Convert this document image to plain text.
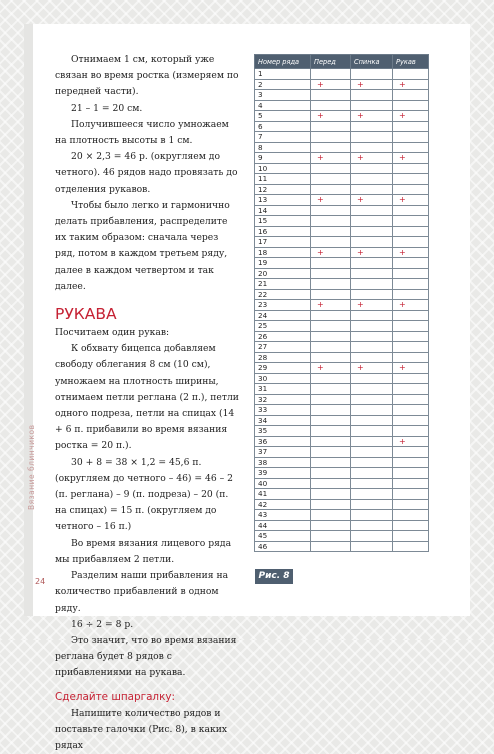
Вязание блинчиков
24

Отнимаем 1 см, который уже связан во время ростка (измеряем по передней части).

21 – 1 = 20 см.

Получившееся число умножаем на плотность высоты в 1 см.

20 × 2,3 = 46 р. (округляем до четного). 46 рядов надо провязать до отделения рукавов.

Чтобы было легко и гармонично делать прибавления, распределите их таким образом: сначала через ряд, потом в каждом третьем ряду, далее в каждом четвертом и так далее.

РУКАВА

Посчитаем один рукав:

К обхвату бицепса добавляем свободу облегания 8 см (10 см), умножаем на плотность ширины, отнимаем петли реглана (2 п.), петли одного подреза, петли на спицах (14 + 6 п. прибавили во время вязания ростка = 20 п.).

30 + 8 = 38 × 1,2 = 45,6 п. (округляем до четного – 46) = 46 – 2 (п. реглана) – 9 (п. подреза) – 20 (п. на спицах) = 15 п. (округляем до четного – 16 п.)

Во время вязания лицевого ряда мы прибавляем 2 петли.

Разделим наши прибавления на количество прибавлений в одном ряду.

16 ÷ 2 = 8 р.

Это значит, что во время вязания реглана будет 8 рядов с прибавлениями на рукава.

Сделайте шпаргалку:

Напишите количество рядов и поставьте галочки (Рис. 8), в каких рядах

Номер ряда	Перед	Спинка	Рукав
1			
2	+	+	+
3			
4			
5	+	+	+
6			
7			
8			
9	+	+	+
10			
11			
12			
13	+	+	+
14			
15			
16			
17			
18	+	+	+
19			
20			
21			
22			
23	+	+	+
24			
25			
26			
27			
28			
29	+	+	+
30			
31			
32			
33			
34			
35			
36			+
37			
38			
39			
40			
41			
42			
43			
44			
45			
46			
Рис. 8
